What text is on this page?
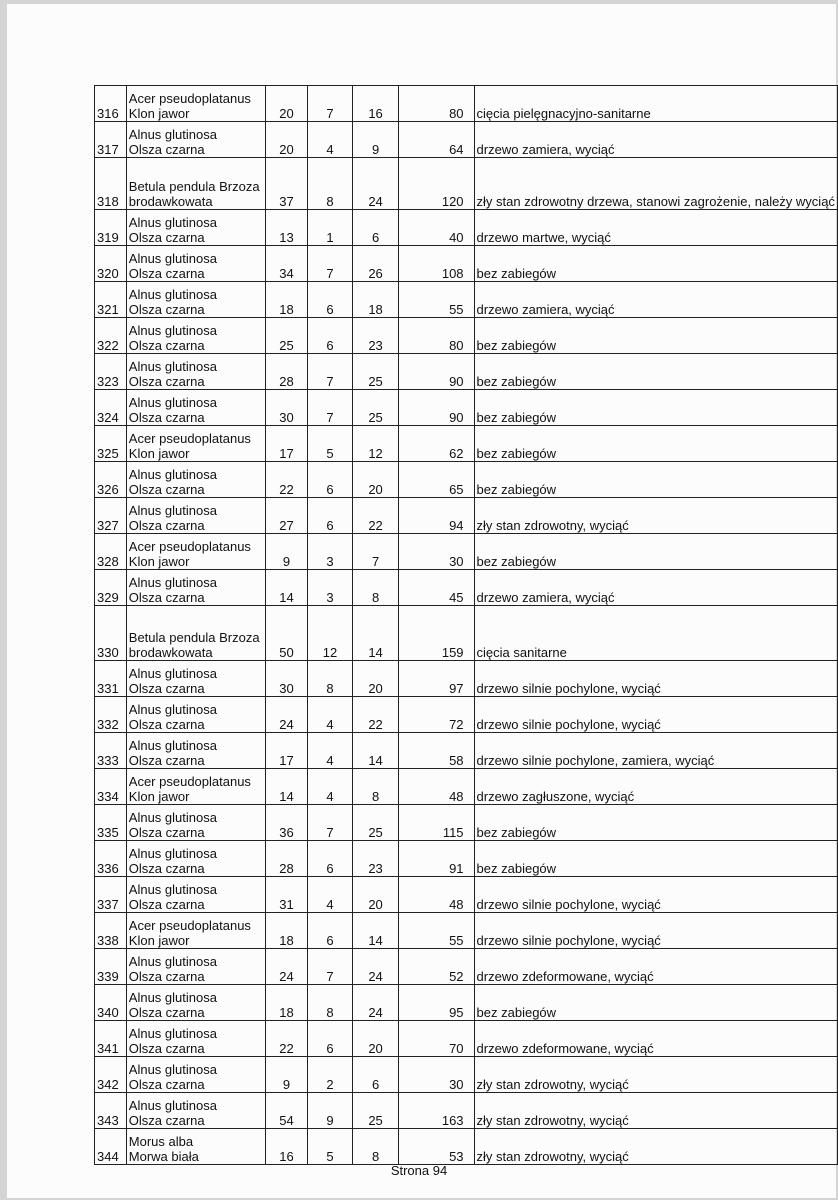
316	Acer pseudoplatanus
Klon jawor	20	7	16	80	cięcia pielęgnacyjno-sanitarne
317	Alnus glutinosa
Olsza czarna	20	4	9	64	drzewo zamiera, wyciąć
318	Betula pendula Brzoza
brodawkowata	37	8	24	120	zły stan zdrowotny drzewa, stanowi zagrożenie, należy wyciąć
319	Alnus glutinosa
Olsza czarna	13	1	6	40	drzewo martwe, wyciąć
320	Alnus glutinosa
Olsza czarna	34	7	26	108	bez zabiegów
321	Alnus glutinosa
Olsza czarna	18	6	18	55	drzewo zamiera, wyciąć
322	Alnus glutinosa
Olsza czarna	25	6	23	80	bez zabiegów
323	Alnus glutinosa
Olsza czarna	28	7	25	90	bez zabiegów
324	Alnus glutinosa
Olsza czarna	30	7	25	90	bez zabiegów
325	Acer pseudoplatanus
Klon jawor	17	5	12	62	bez zabiegów
326	Alnus glutinosa
Olsza czarna	22	6	20	65	bez zabiegów
327	Alnus glutinosa
Olsza czarna	27	6	22	94	zły stan zdrowotny, wyciąć
328	Acer pseudoplatanus
Klon jawor	9	3	7	30	bez zabiegów
329	Alnus glutinosa
Olsza czarna	14	3	8	45	drzewo zamiera, wyciąć
330	Betula pendula Brzoza
brodawkowata	50	12	14	159	cięcia sanitarne
331	Alnus glutinosa
Olsza czarna	30	8	20	97	drzewo silnie pochylone, wyciąć
332	Alnus glutinosa
Olsza czarna	24	4	22	72	drzewo silnie pochylone, wyciąć
333	Alnus glutinosa
Olsza czarna	17	4	14	58	drzewo silnie pochylone, zamiera, wyciąć
334	Acer pseudoplatanus
Klon jawor	14	4	8	48	drzewo zagłuszone, wyciąć
335	Alnus glutinosa
Olsza czarna	36	7	25	115	bez zabiegów
336	Alnus glutinosa
Olsza czarna	28	6	23	91	bez zabiegów
337	Alnus glutinosa
Olsza czarna	31	4	20	48	drzewo silnie pochylone, wyciąć
338	Acer pseudoplatanus
Klon jawor	18	6	14	55	drzewo silnie pochylone, wyciąć
339	Alnus glutinosa
Olsza czarna	24	7	24	52	drzewo zdeformowane, wyciąć
340	Alnus glutinosa
Olsza czarna	18	8	24	95	bez zabiegów
341	Alnus glutinosa
Olsza czarna	22	6	20	70	drzewo zdeformowane, wyciąć
342	Alnus glutinosa
Olsza czarna	9	2	6	30	zły stan zdrowotny, wyciąć
343	Alnus glutinosa
Olsza czarna	54	9	25	163	zły stan zdrowotny, wyciąć
344	Morus alba
Morwa biała	16	5	8	53	zły stan zdrowotny, wyciąć
Strona 94
